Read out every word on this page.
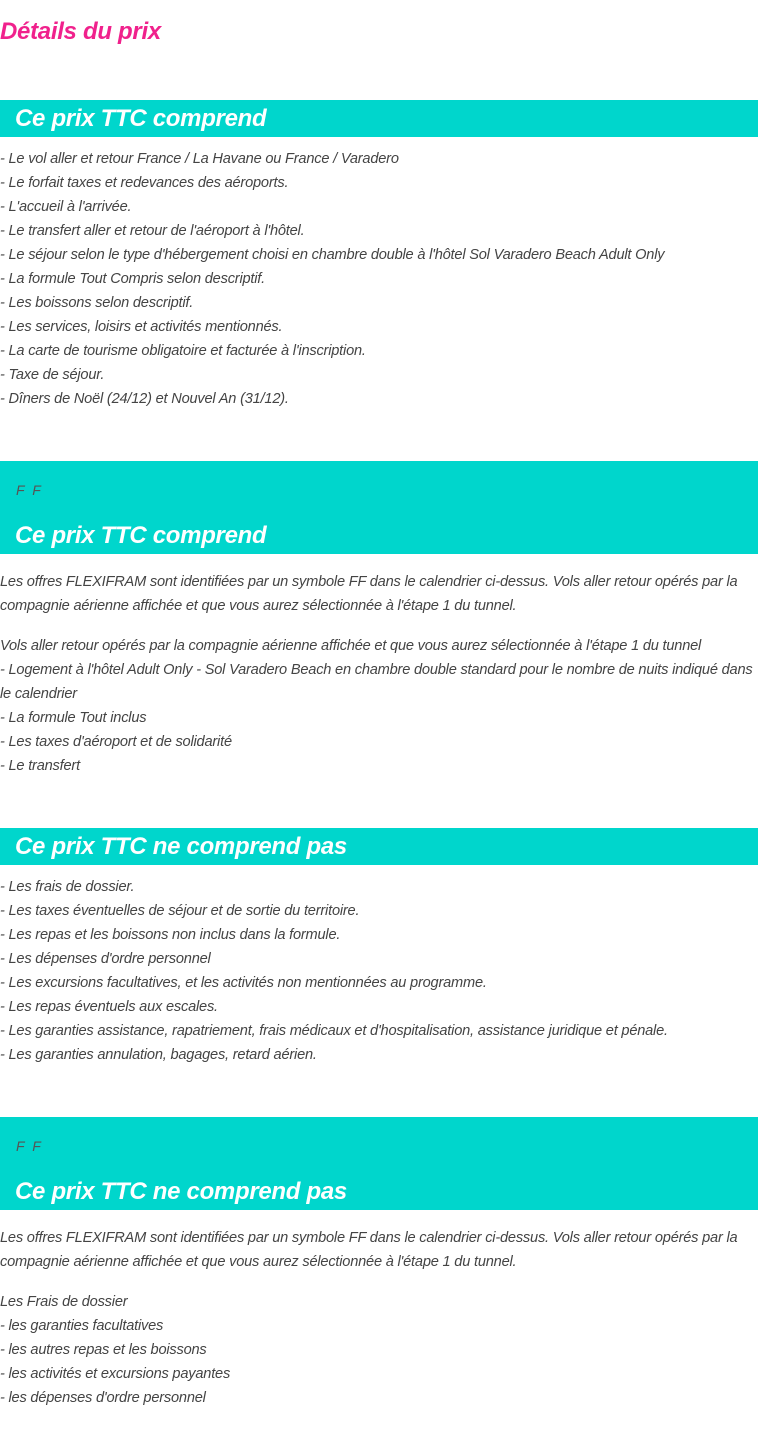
Détails du prix
Ce prix TTC comprend
- Le vol aller et retour France / La Havane ou France / Varadero
- Le forfait taxes et redevances des aéroports.
- L'accueil à l'arrivée.
- Le transfert aller et retour de l'aéroport à l'hôtel.
- Le séjour selon le type d'hébergement choisi en chambre double à l'hôtel Sol Varadero Beach Adult Only
- La formule Tout Compris selon descriptif.
- Les boissons selon descriptif.
- Les services, loisirs et activités mentionnés.
- La carte de tourisme obligatoire et facturée à l'inscription.
- Taxe de séjour.
- Dîners de Noël (24/12) et Nouvel An (31/12).
F F
Ce prix TTC comprend

Les offres FLEXIFRAM sont identifiées par un symbole FF dans le calendrier ci-dessus. Vols aller retour opérés par la compagnie aérienne affichée et que vous aurez sélectionnée à l'étape 1 du tunnel.

Vols aller retour opérés par la compagnie aérienne affichée et que vous aurez sélectionnée à l'étape 1 du tunnel
- Logement à l'hôtel Adult Only - Sol Varadero Beach en chambre double standard pour le nombre de nuits indiqué dans le calendrier
- La formule Tout inclus
- Les taxes d'aéroport et de solidarité
- Le transfert
Ce prix TTC ne comprend pas
- Les frais de dossier.
- Les taxes éventuelles de séjour et de sortie du territoire.
- Les repas et les boissons non inclus dans la formule.
- Les dépenses d'ordre personnel
- Les excursions facultatives, et les activités non mentionnées au programme.
- Les repas éventuels aux escales.
- Les garanties assistance, rapatriement, frais médicaux et d'hospitalisation, assistance juridique et pénale.
- Les garanties annulation, bagages, retard aérien.
F F
Ce prix TTC ne comprend pas

Les offres FLEXIFRAM sont identifiées par un symbole FF dans le calendrier ci-dessus. Vols aller retour opérés par la compagnie aérienne affichée et que vous aurez sélectionnée à l'étape 1 du tunnel.

Les Frais de dossier
- les garanties facultatives
- les autres repas et les boissons
- les activités et excursions payantes
- les dépenses d'ordre personnel
